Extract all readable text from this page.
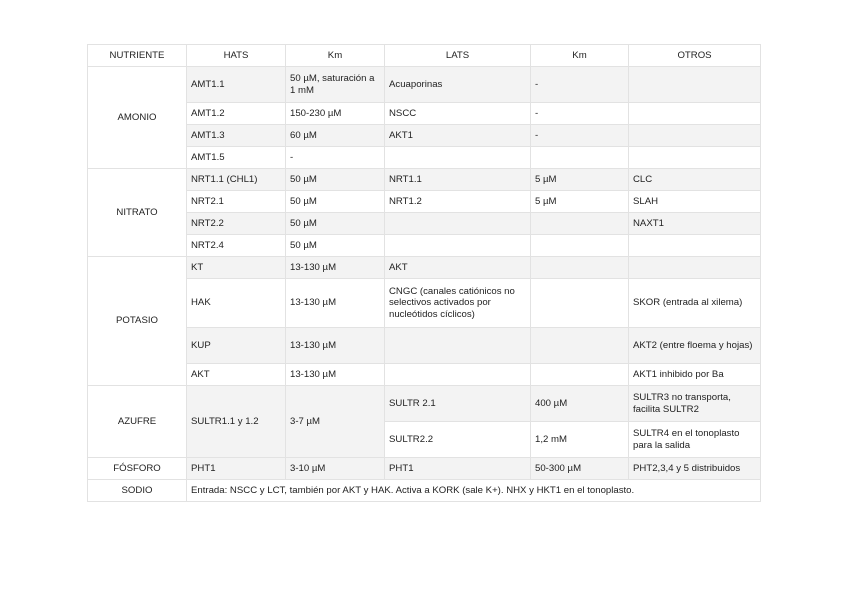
NUTRIENTE	HATS	Km	LATS	Km	OTROS
AMONIO	AMT1.1	50 µM, saturación a 1 mM	Acuaporinas	-	
	AMT1.2	150-230 µM	NSCC	-	
	AMT1.3	60 µM	AKT1	-	
	AMT1.5	-			
NITRATO	NRT1.1 (CHL1)	50 µM	NRT1.1	5 µM	CLC
	NRT2.1	50 µM	NRT1.2	5 µM	SLAH
	NRT2.2	50 µM			NAXT1
	NRT2.4	50 µM			
POTASIO	KT	13-130 µM	AKT		
	HAK	13-130 µM	CNGC (canales catiónicos no selectivos activados por nucleótidos cíclicos)		SKOR (entrada al xilema)
	KUP	13-130 µM			AKT2 (entre floema y hojas)
	AKT	13-130 µM			AKT1 inhibido por Ba
AZUFRE	SULTR1.1 y 1.2	3-7 µM	SULTR 2.1	400 µM	SULTR3 no transporta, facilita SULTR2
			SULTR2.2	1,2 mM	SULTR4 en el tonoplasto para la salida
FÓSFORO	PHT1	3-10 µM	PHT1	50-300 µM	PHT2,3,4 y 5 distribuidos
SODIO	Entrada: NSCC y LCT, también por AKT y HAK. Activa a KORK (sale K+). NHX y HKT1 en el tonoplasto.				
